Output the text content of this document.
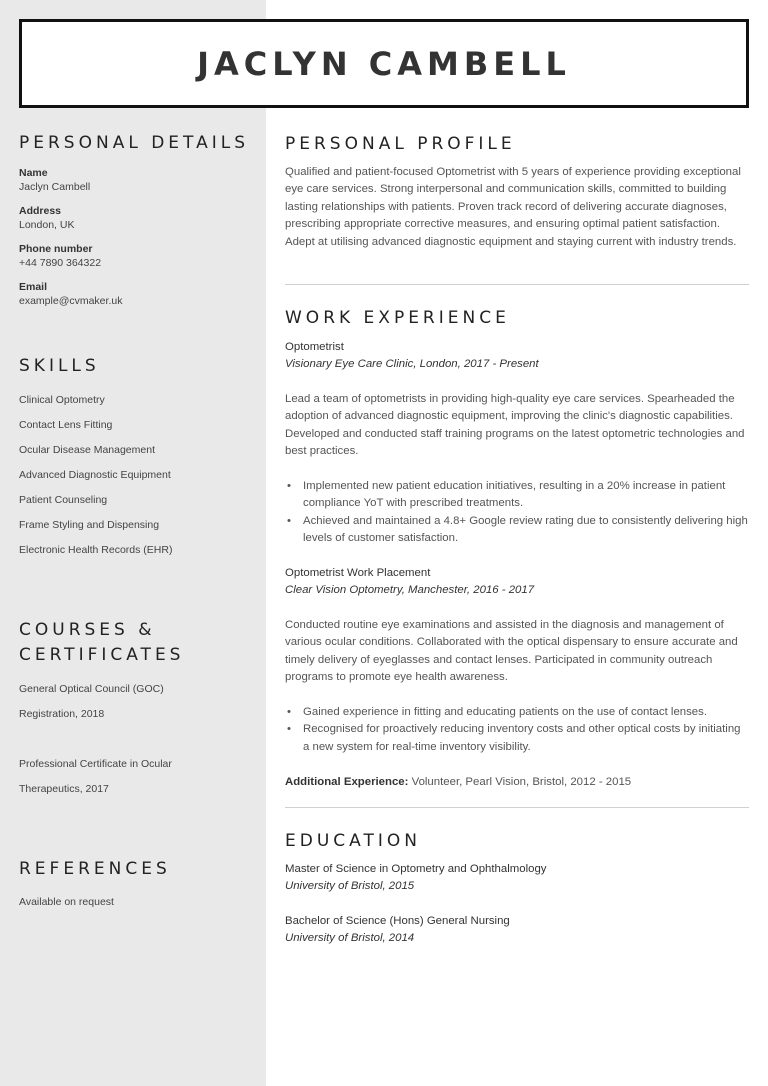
JACLYN CAMBELL
PERSONAL DETAILS
Name
Jaclyn Cambell
Address
London, UK
Phone number
+44 7890 364322
Email
example@cvmaker.uk
SKILLS
Clinical Optometry
Contact Lens Fitting
Ocular Disease Management
Advanced Diagnostic Equipment
Patient Counseling
Frame Styling and Dispensing
Electronic Health Records (EHR)
COURSES &
CERTIFICATES
General Optical Council (GOC)
Registration, 2018
Professional Certificate in Ocular
Therapeutics, 2017
REFERENCES
Available on request
PERSONAL PROFILE
Qualified and patient-focused Optometrist with 5 years of experience providing exceptional eye care services. Strong interpersonal and communication skills, committed to building lasting relationships with patients. Proven track record of delivering accurate diagnoses, prescribing appropriate corrective measures, and ensuring optimal patient satisfaction. Adept at utilising advanced diagnostic equipment and staying current with industry trends.
WORK EXPERIENCE
Optometrist
Visionary Eye Care Clinic, London, 2017 - Present
Lead a team of optometrists in providing high-quality eye care services. Spearheaded the adoption of advanced diagnostic equipment, improving the clinic's diagnostic capabilities. Developed and conducted staff training programs on the latest optometric technologies and best practices.
• Implemented new patient education initiatives, resulting in a 20% increase in patient compliance YoT with prescribed treatments.
• Achieved and maintained a 4.8+ Google review rating due to consistently delivering high levels of customer satisfaction.
Optometrist Work Placement
Clear Vision Optometry, Manchester, 2016 - 2017
Conducted routine eye examinations and assisted in the diagnosis and management of various ocular conditions. Collaborated with the optical dispensary to ensure accurate and timely delivery of eyeglasses and contact lenses. Participated in community outreach programs to promote eye health awareness.
• Gained experience in fitting and educating patients on the use of contact lenses.
• Recognised for proactively reducing inventory costs and other optical costs by initiating a new system for real-time inventory visibility.
Additional Experience: Volunteer, Pearl Vision, Bristol, 2012 - 2015
EDUCATION
Master of Science in Optometry and Ophthalmology
University of Bristol, 2015
Bachelor of Science (Hons) General Nursing
University of Bristol, 2014
